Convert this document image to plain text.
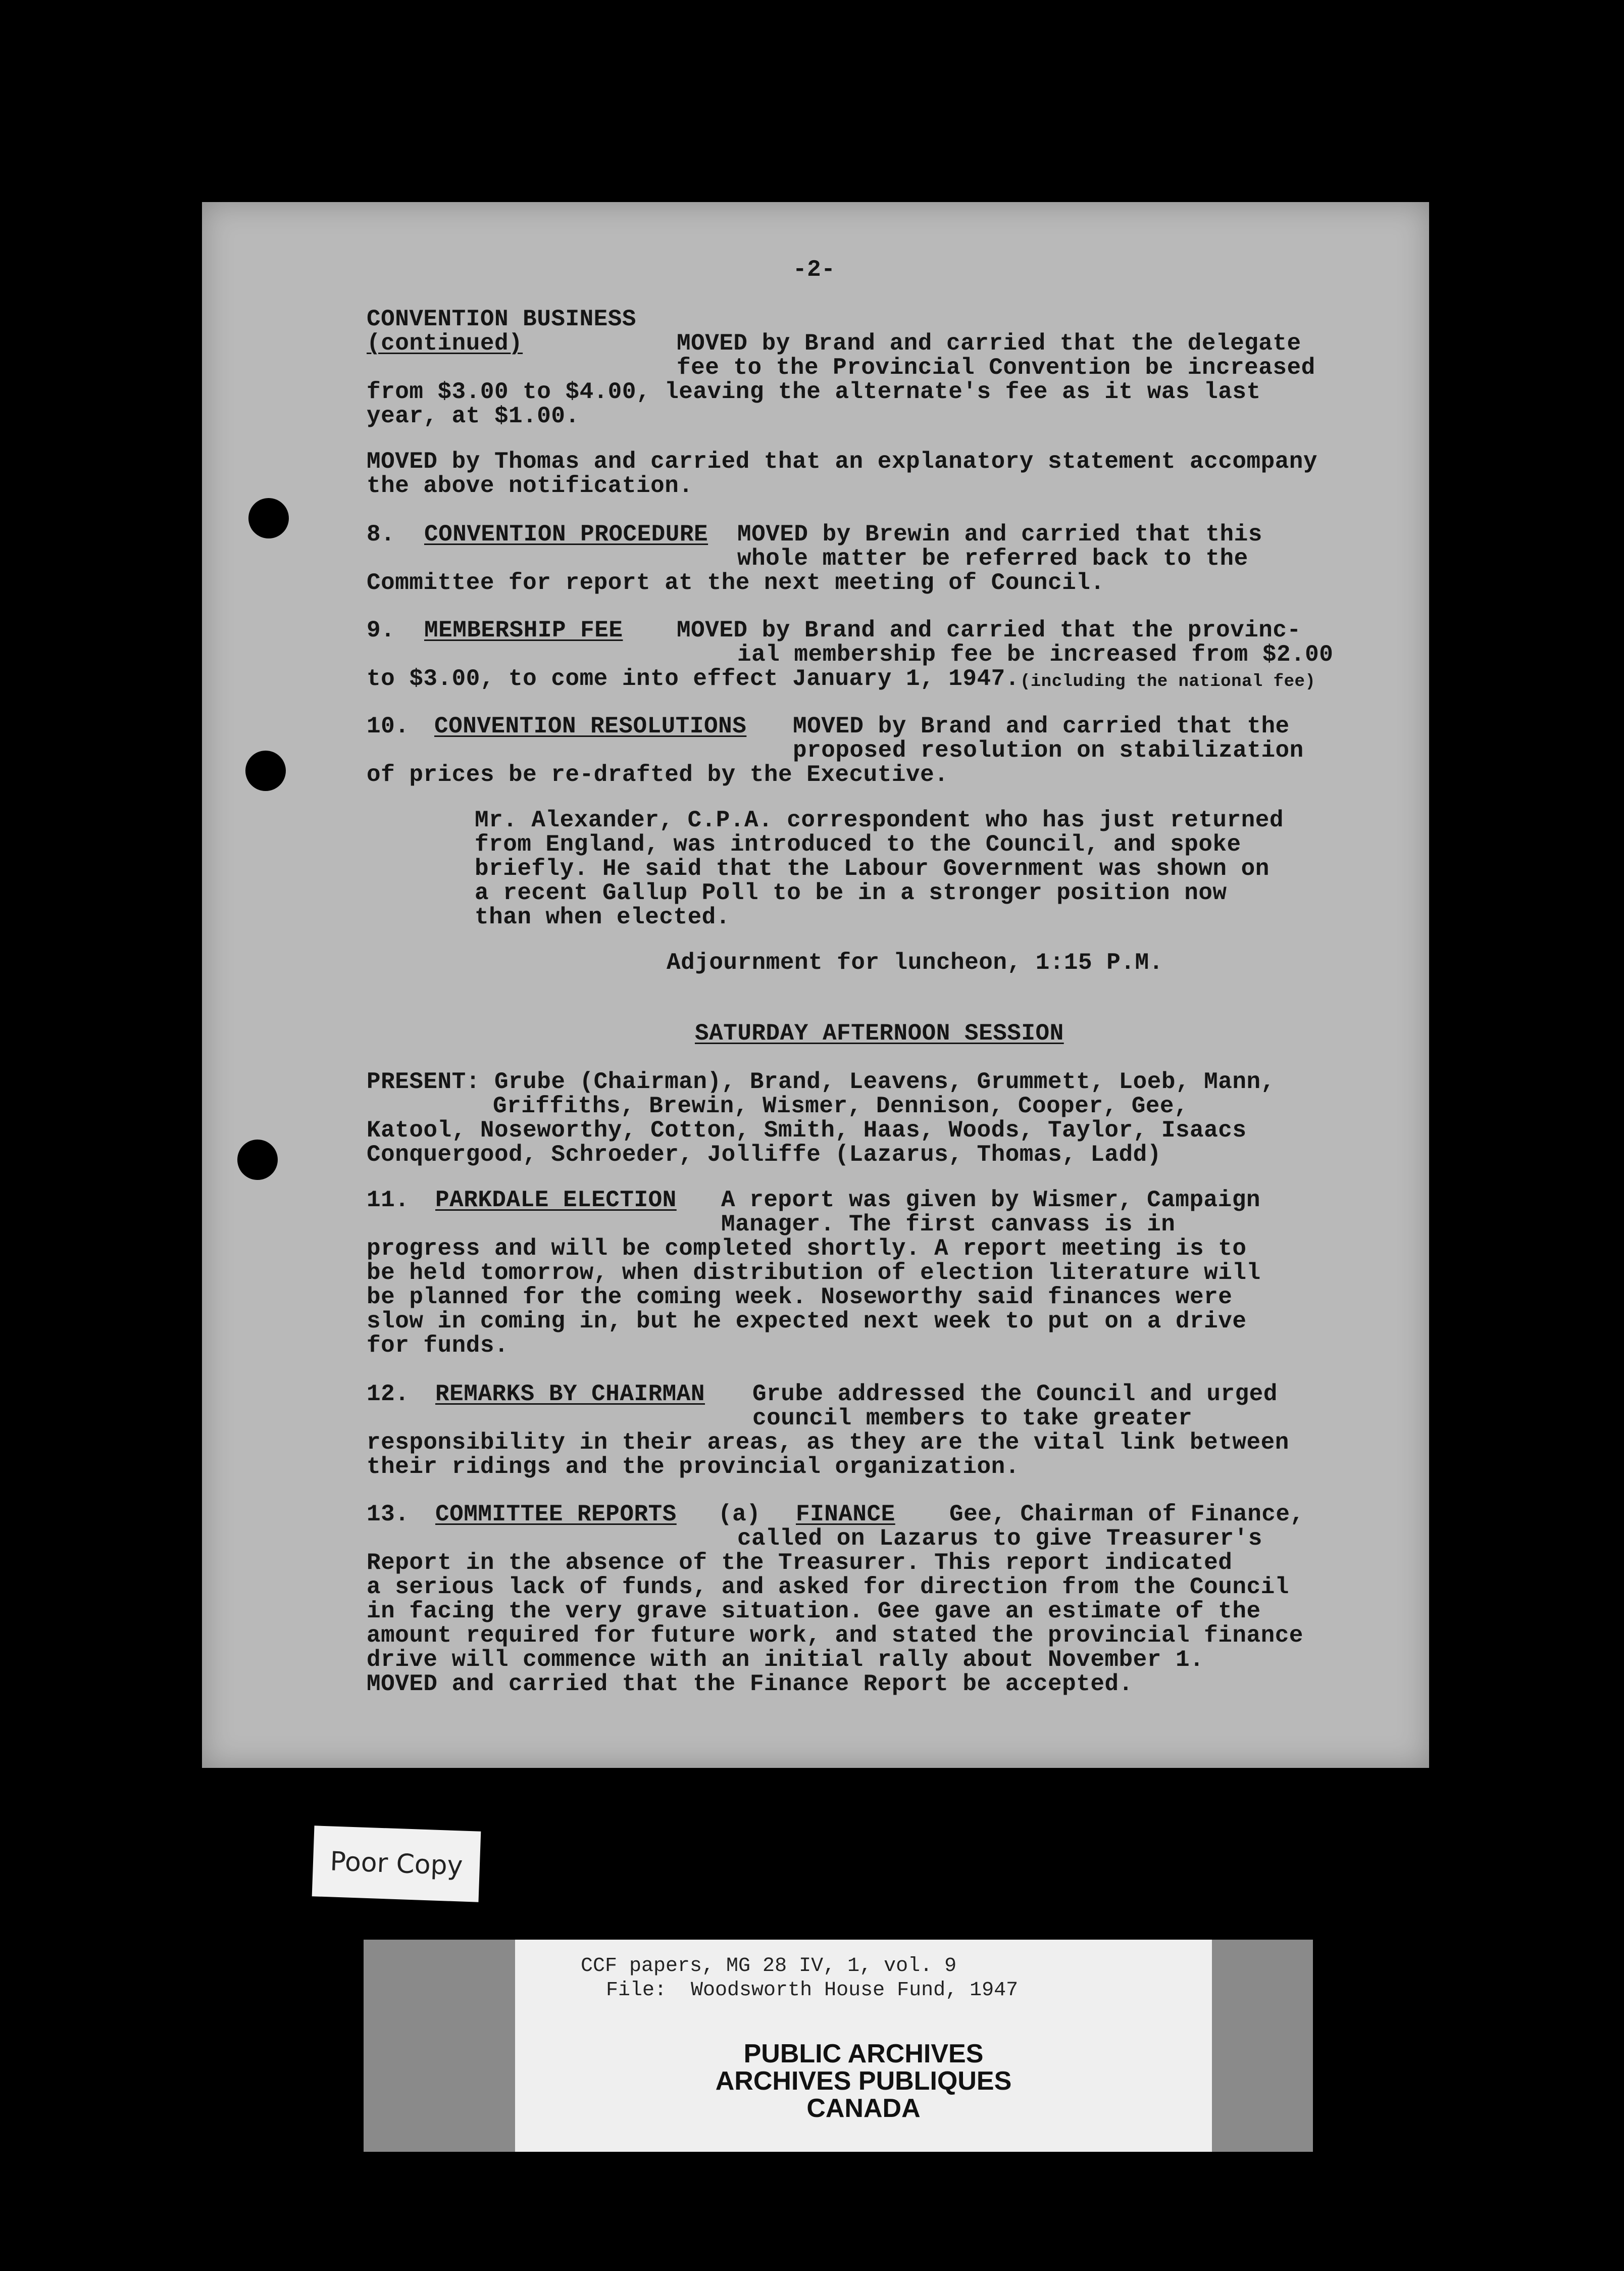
-2-
CONVENTION BUSINESS
(continued)	MOVED by Brand and carried that the delegate
fee to the Provincial Convention be increased
from $3.00 to $4.00, leaving the alternate's fee as it was last
year, at $1.00.
MOVED by Thomas and carried that an explanatory statement accompany
the above notification.
8. CONVENTION PROCEDURE MOVED by Brewin and carried that this
whole matter be referred back to the
Committee for report at the next meeting of Council.
9. MEMBERSHIP FEE MOVED by Brand and carried that the provinc-
ial membership fee be increased from $2.00
to $3.00, to come into effect January 1, 1947. (including the national fee)
10. CONVENTION RESOLUTIONS MOVED by Brand and carried that the
proposed resolution on stabilization
of prices be re-drafted by the Executive.
Mr. Alexander, C.P.A. correspondent who has just returned
from England, was introduced to the Council, and spoke
briefly. He said that the Labour Government was shown on
a recent Gallup Poll to be in a stronger position now
than when elected.
Adjournment for luncheon, 1:15 P.M.
SATURDAY AFTERNOON SESSION
PRESENT: Grube (Chairman), Brand, Leavens, Grummett, Loeb, Mann,
Griffiths, Brewin, Wismer, Dennison, Cooper, Gee,
Katool, Noseworthy, Cotton, Smith, Haas, Woods, Taylor, Isaacs
Conquergood, Schroeder, Jolliffe (Lazarus, Thomas, Ladd)
11. PARKDALE ELECTION A report was given by Wismer, Campaign
Manager. The first canvass is in
progress and will be completed shortly. A report meeting is to
be held tomorrow, when distribution of election literature will
be planned for the coming week. Noseworthy said finances were
slow in coming in, but he expected next week to put on a drive
for funds.
12. REMARKS BY CHAIRMAN Grube addressed the Council and urged
council members to take greater
responsibility in their areas, as they are the vital link between
their ridings and the provincial organization.
13. COMMITTEE REPORTS (a) FINANCE Gee, Chairman of Finance,
called on Lazarus to give Treasurer's
Report in the absence of the Treasurer. This report indicated
a serious lack of funds, and asked for direction from the Council
in facing the very grave situation. Gee gave an estimate of the
amount required for future work, and stated the provincial finance
drive will commence with an initial rally about November 1.
MOVED and carried that the Finance Report be accepted.
Poor Copy
CCF papers, MG 28 IV, 1, vol. 9
File:  Woodsworth House Fund, 1947
PUBLIC ARCHIVES
ARCHIVES PUBLIQUES
CANADA
